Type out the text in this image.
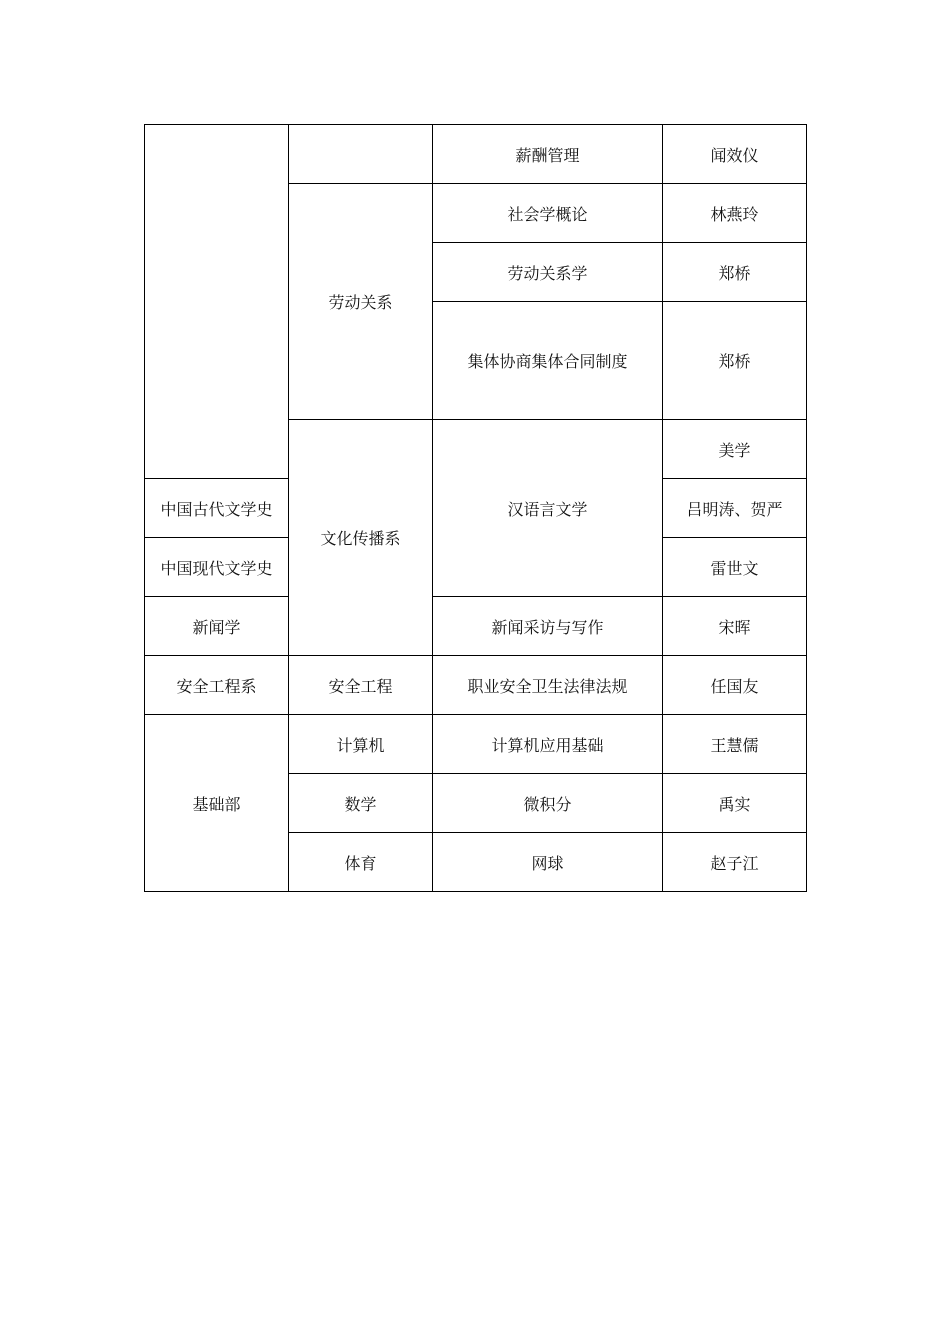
		薪酬管理	闻效仪	
	劳动关系	社会学概论	林燕玲	
		劳动关系学	郑桥	
		集体协商集体合同制度	郑桥	
	文化传播系	汉语言文学	美学	
中国古代文学史			吕明涛、贺严	
中国现代文学史			雷世文	
新闻学		新闻采访与写作	宋晖	
安全工程系	安全工程	职业安全卫生法律法规	任国友	
基础部	计算机	计算机应用基础	王慧儒	
	数学	微积分	禹实	
	体育	网球	赵子江	
